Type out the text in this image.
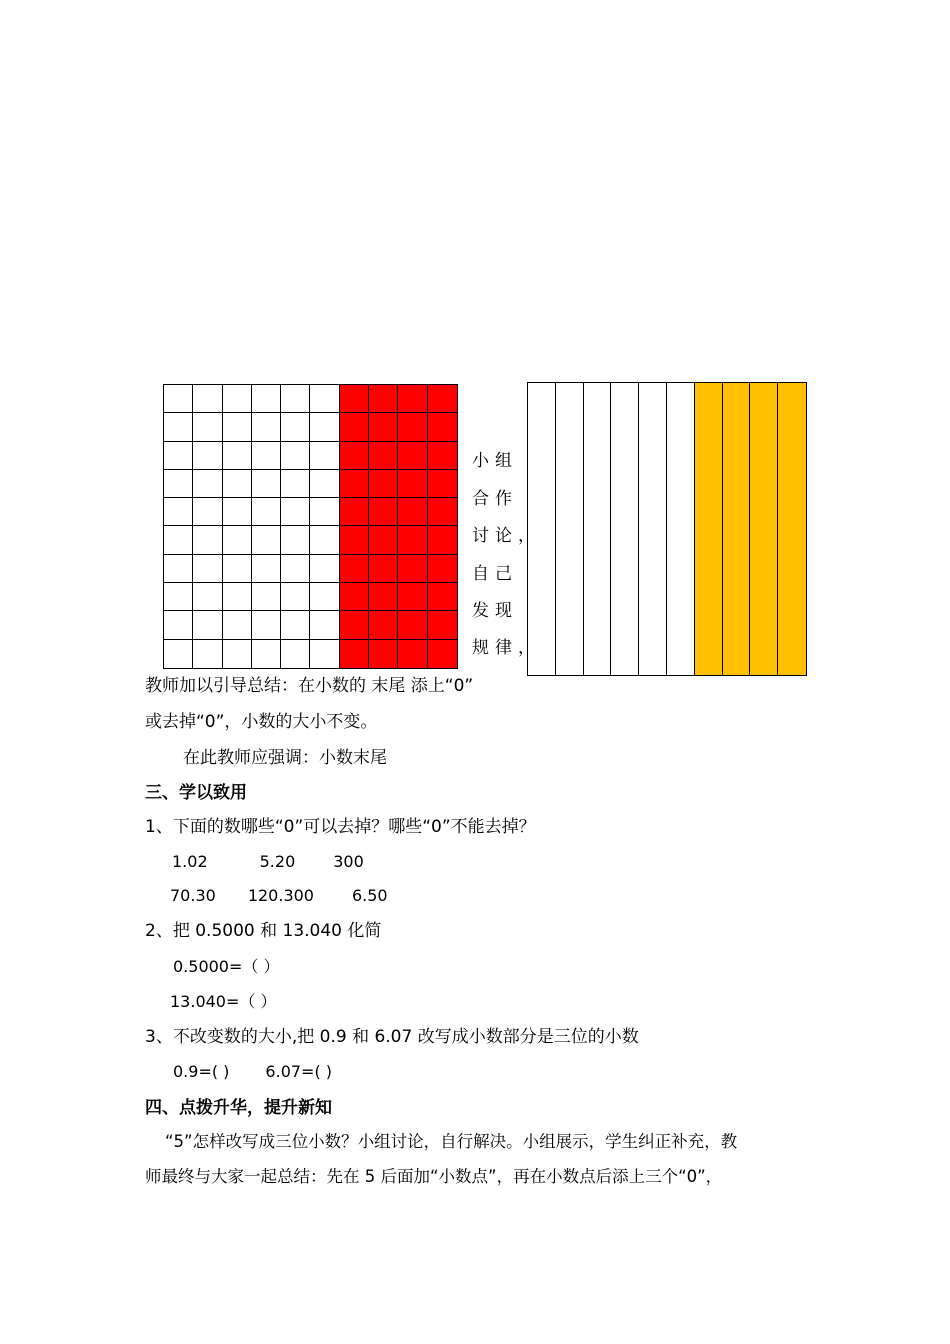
小组
合作
讨论，
自己
发现
规律，
教师加以引导总结：在小数的 末尾 添上“0”
或去掉“0”，小数的大小不变。
在此教师应强调：小数末尾
三、学以致用
1、下面的数哪些“0”可以去掉？哪些“0”不能去掉？
1.02	5.20 300
70.30 120.300 6.50
2、把 0.5000 和 13.040 化简
0.5000=（ ）
13.040=（ ）
3、不改变数的大小,把 0.9 和 6.07 改写成小数部分是三位的小数
0.9=( ) 6.07=( )
四、点拨升华，提升新知
“5”怎样改写成三位小数？小组讨论，自行解决。小组展示，学生纠正补充，教
师最终与大家一起总结：先在 5 后面加“小数点”，再在小数点后添上三个“0”，
